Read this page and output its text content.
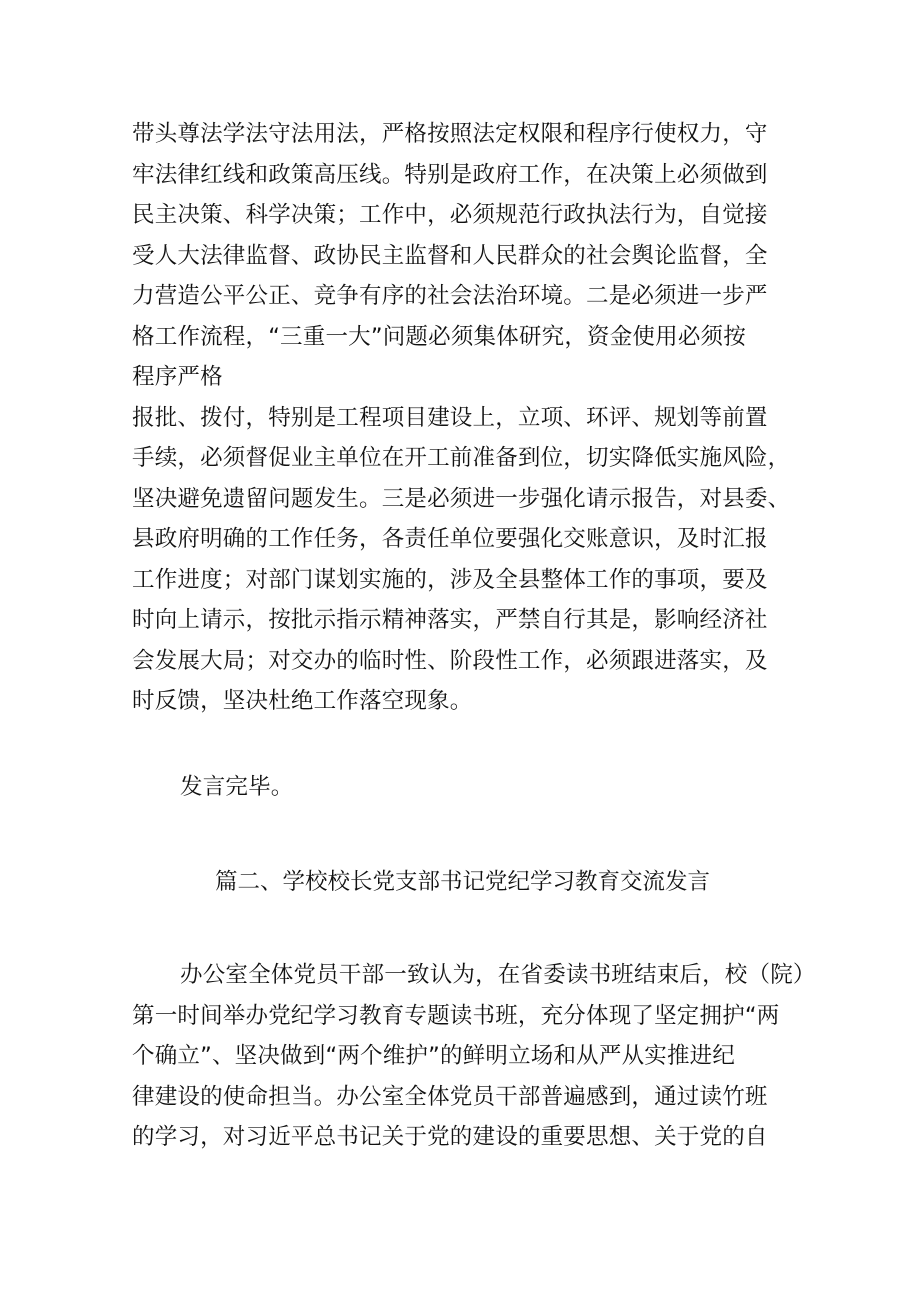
带头尊法学法守法用法，严格按照法定权限和程序行使权力，守
牢法律红线和政策高压线。特别是政府工作，在决策上必须做到
民主决策、科学决策；工作中，必须规范行政执法行为，自觉接
受人大法律监督、政协民主监督和人民群众的社会舆论监督，全
力营造公平公正、竞争有序的社会法治环境。二是必须进一步严
格工作流程，“三重一大”问题必须集体研究，资金使用必须按
程序严格
报批、拨付，特别是工程项目建设上，立项、环评、规划等前置
手续，必须督促业主单位在开工前准备到位，切实降低实施风险，
坚决避免遗留问题发生。三是必须进一步强化请示报告，对县委、
县政府明确的工作任务，各责任单位要强化交账意识，及时汇报
工作进度；对部门谋划实施的，涉及全县整体工作的事项，要及
时向上请示，按批示指示精神落实，严禁自行其是，影响经济社
会发展大局；对交办的临时性、阶段性工作，必须跟进落实，及
时反馈，坚决杜绝工作落空现象。
发言完毕。
篇二、学校校长党支部书记党纪学习教育交流发言
办公室全体党员干部一致认为，在省委读书班结束后，校（院）
第一时间举办党纪学习教育专题读书班，充分体现了坚定拥护“两
个确立”、坚决做到“两个维护”的鲜明立场和从严从实推进纪
律建设的使命担当。办公室全体党员干部普遍感到，通过读竹班
的学习，对习近平总书记关于党的建设的重要思想、关于党的自
